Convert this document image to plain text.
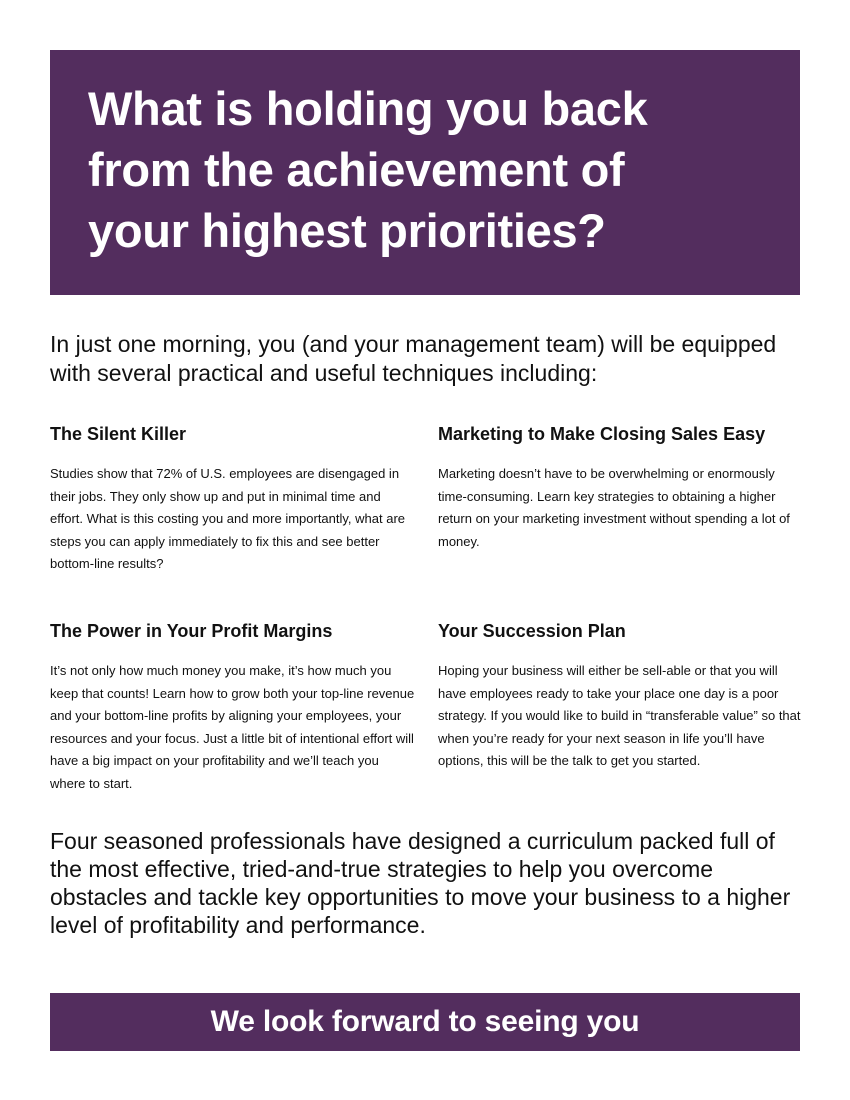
What is holding you back from the achievement of your highest priorities?

In just one morning, you (and your management team) will be equipped with several practical and useful techniques including:

The Silent Killer

Studies show that 72% of U.S. employees are disengaged in their jobs. They only show up and put in minimal time and effort. What is this costing you and more importantly, what are steps you can apply immediately to fix this and see better bottom-line results?

Marketing to Make Closing Sales Easy

Marketing doesn’t have to be overwhelming or enormously time-consuming. Learn key strategies to obtaining a higher return on your marketing investment without spending a lot of money.

The Power in Your Profit Margins

It’s not only how much money you make, it’s how much you keep that counts! Learn how to grow both your top-line revenue and your bottom-line profits by aligning your employees, your resources and your focus. Just a little bit of intentional effort will have a big impact on your profitability and we’ll teach you where to start.

Your Succession Plan

Hoping your business will either be sell-able or that you will have employees ready to take your place one day is a poor strategy. If you would like to build in “transferable value” so that when you’re ready for your next season in life you’ll have options, this will be the talk to get you started.

Four seasoned professionals have designed a curriculum packed full of the most effective, tried-and-true strategies to help you overcome obstacles and tackle key opportunities to move your business to a higher level of profitability and performance.

We look forward to seeing you
